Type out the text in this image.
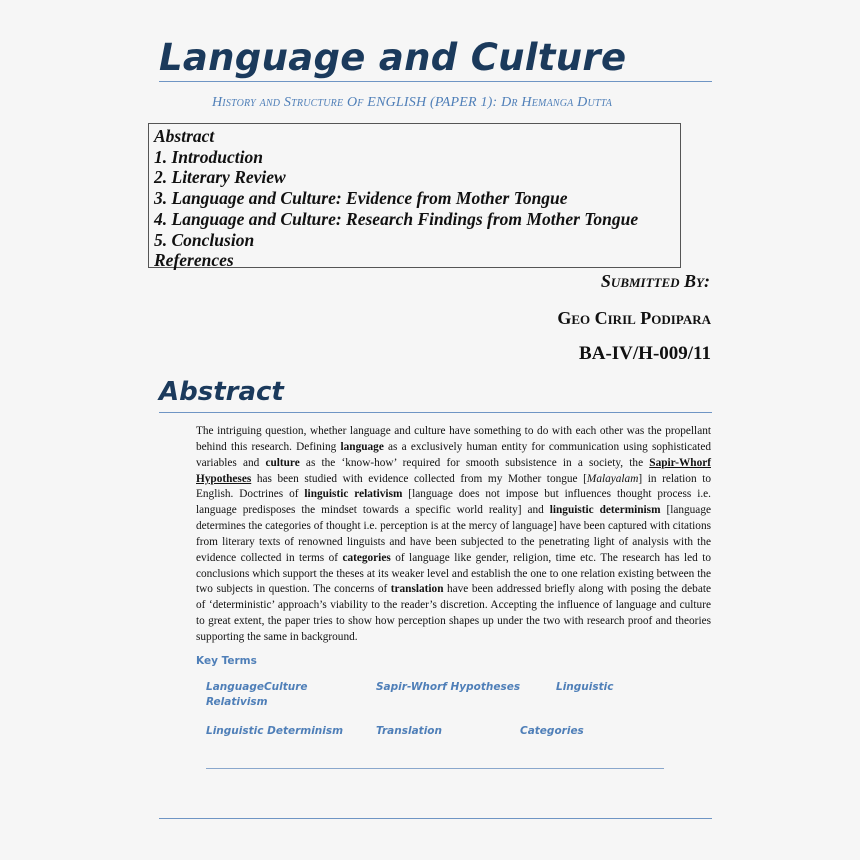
Language and Culture
History and Structure Of ENGLISH (PAPER 1): Dr Hemanga Dutta
Abstract
1. Introduction
2. Literary Review
3. Language and Culture: Evidence from Mother Tongue
4. Language and Culture: Research Findings from Mother Tongue
5. Conclusion
References
Submitted By:
Geo Ciril Podipara
BA-IV/H-009/11
Abstract
The intriguing question, whether language and culture have something to do with each other was the propellant behind this research. Defining language as a exclusively human entity for communication using sophisticated variables and culture as the ‘know-how’ required for smooth subsistence in a society, the Sapir-Whorf Hypotheses has been studied with evidence collected from my Mother tongue [Malayalam] in relation to English. Doctrines of linguistic relativism [language does not impose but influences thought process i.e. language predisposes the mindset towards a specific world reality] and linguistic determinism [language determines the categories of thought i.e. perception is at the mercy of language] have been captured with citations from literary texts of renowned linguists and have been subjected to the penetrating light of analysis with the evidence collected in terms of categories of language like gender, religion, time etc. The research has led to conclusions which support the theses at its weaker level and establish the one to one relation existing between the two subjects in question. The concerns of translation have been addressed briefly along with posing the debate of ‘deterministic’ approach’s viability to the reader’s discretion. Accepting the influence of language and culture to great extent, the paper tries to show how perception shapes up under the two with research proof and theories supporting the same in background.
Key Terms
LanguageCulture	Sapir-Whorf Hypotheses	Linguistic
Relativism
Linguistic Determinism	Translation	Categories
